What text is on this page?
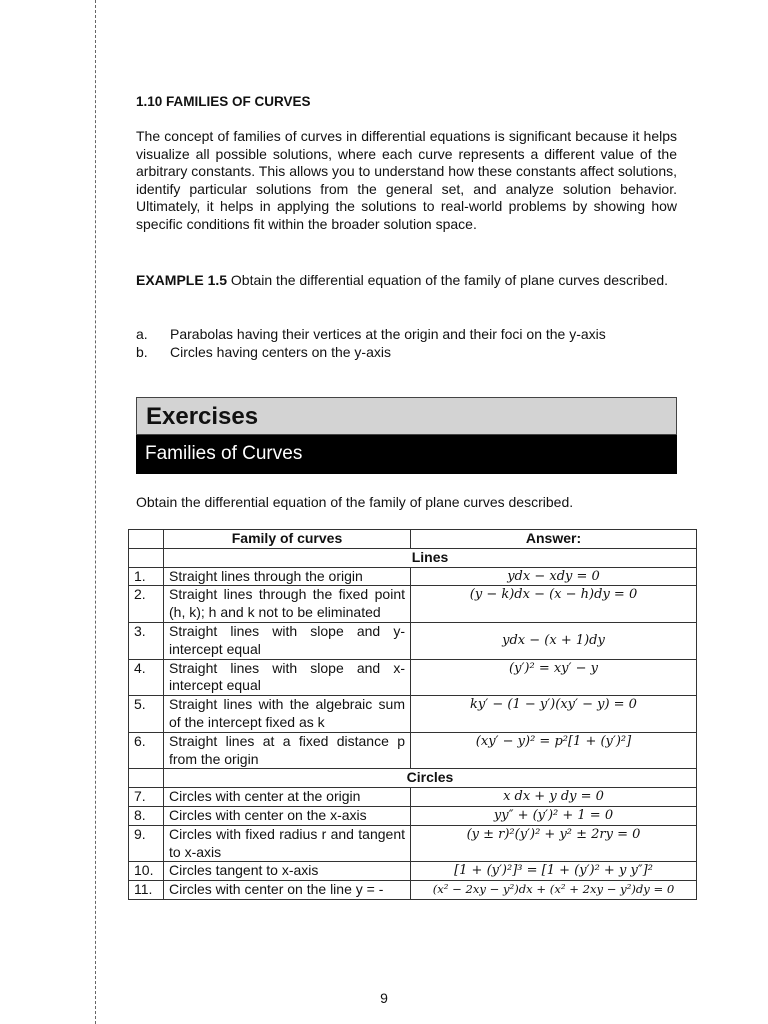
1.10 FAMILIES OF CURVES

The concept of families of curves in differential equations is significant because it helps visualize all possible solutions, where each curve represents a different value of the arbitrary constants. This allows you to understand how these constants affect solutions, identify particular solutions from the general set, and analyze solution behavior. Ultimately, it helps in applying the solutions to real-world problems by showing how specific conditions fit within the broader solution space.

EXAMPLE 1.5 Obtain the differential equation of the family of plane curves described.

a.	Parabolas having their vertices at the origin and their foci on the y-axis
b.	Circles having centers on the y-axis
Exercises
Families of Curves

Obtain the differential equation of the family of plane curves described.

	Family of curves	Answer:
	Lines	
1.	Straight lines through the origin	ydx − xdy = 0
2.	Straight lines through the fixed point (h, k); h and k not to be eliminated	(y − k)dx − (x − h)dy = 0
3.	Straight lines with slope and y-intercept equal	ydx − (x + 1)dy
4.	Straight lines with slope and x-intercept equal	(y′)² = xy′ − y
5.	Straight lines with the algebraic sum of the intercept fixed as k	ky′ − (1 − y′)(xy′ − y) = 0
6.	Straight lines at a fixed distance p from the origin	(xy′ − y)² = p²[1 + (y′)²]
	Circles	
7.	Circles with center at the origin	x dx + y dy = 0
8.	Circles with center on the x-axis	yy″ + (y′)² + 1 = 0
9.	Circles with fixed radius r and tangent to x-axis	(y ± r)²(y′)² + y² ± 2ry = 0
10.	Circles tangent to x-axis	[1 + (y′)²]³ = [1 + (y′)² + y y″]²
11.	Circles with center on the line y = -	(x² − 2xy − y²)dx + (x² + 2xy − y²)dy = 0

9
